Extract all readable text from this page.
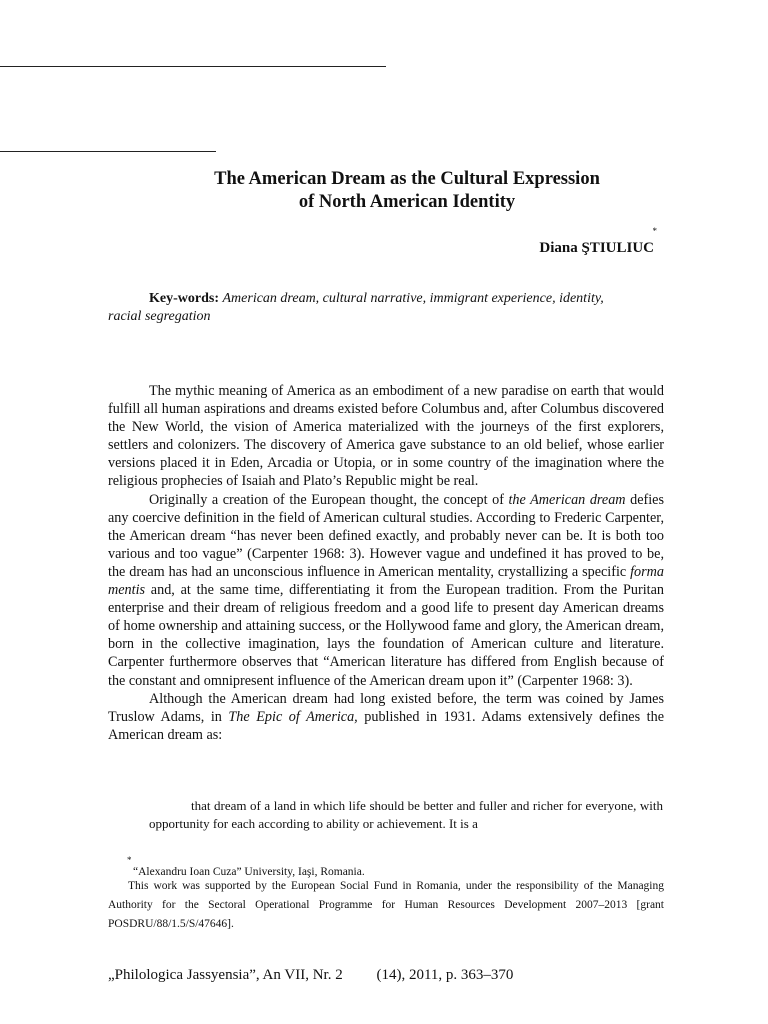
The American Dream as the Cultural Expression
of North American Identity
*
Diana ŞTIULIUC
Key-words: American dream, cultural narrative, immigrant experience, identity,
racial segregation

The mythic meaning of America as an embodiment of a new paradise on earth that would fulfill all human aspirations and dreams existed before Columbus and, after Columbus discovered the New World, the vision of America materialized with the journeys of the first explorers, settlers and colonizers. The discovery of America gave substance to an old belief, whose earlier versions placed it in Eden, Arcadia or Utopia, or in some country of the imagination where the religious prophecies of Isaiah and Plato’s Republic might be real.

Originally a creation of the European thought, the concept of the American dream defies any coercive definition in the field of American cultural studies. According to Frederic Carpenter, the American dream “has never been defined exactly, and probably never can be. It is both too various and too vague” (Carpenter 1968: 3). However vague and undefined it has proved to be, the dream has had an unconscious influence in American mentality, crystallizing a specific forma mentis and, at the same time, differentiating it from the European tradition. From the Puritan enterprise and their dream of religious freedom and a good life to present day American dreams of home ownership and attaining success, or the Hollywood fame and glory, the American dream, born in the collective imagination, lays the foundation of American culture and literature. Carpenter furthermore observes that “American literature has differed from English because of the constant and omnipresent influence of the American dream upon it” (Carpenter 1968: 3).

Although the American dream had long existed before, the term was coined by James Truslow Adams, in The Epic of America, published in 1931. Adams extensively defines the American dream as:

that dream of a land in which life should be better and fuller and richer for everyone, with opportunity for each according to ability or achievement. It is a

*
“Alexandru Ioan Cuza” University, Iaşi, Romania.

This work was supported by the European Social Fund in Romania, under the responsibility of the Managing Authority for the Sectoral Operational Programme for Human Resources Development 2007–2013 [grant POSDRU/88/1.5/S/47646].

„Philologica Jassyensia”, An VII, Nr. 2 (14), 2011, p. 363–370
